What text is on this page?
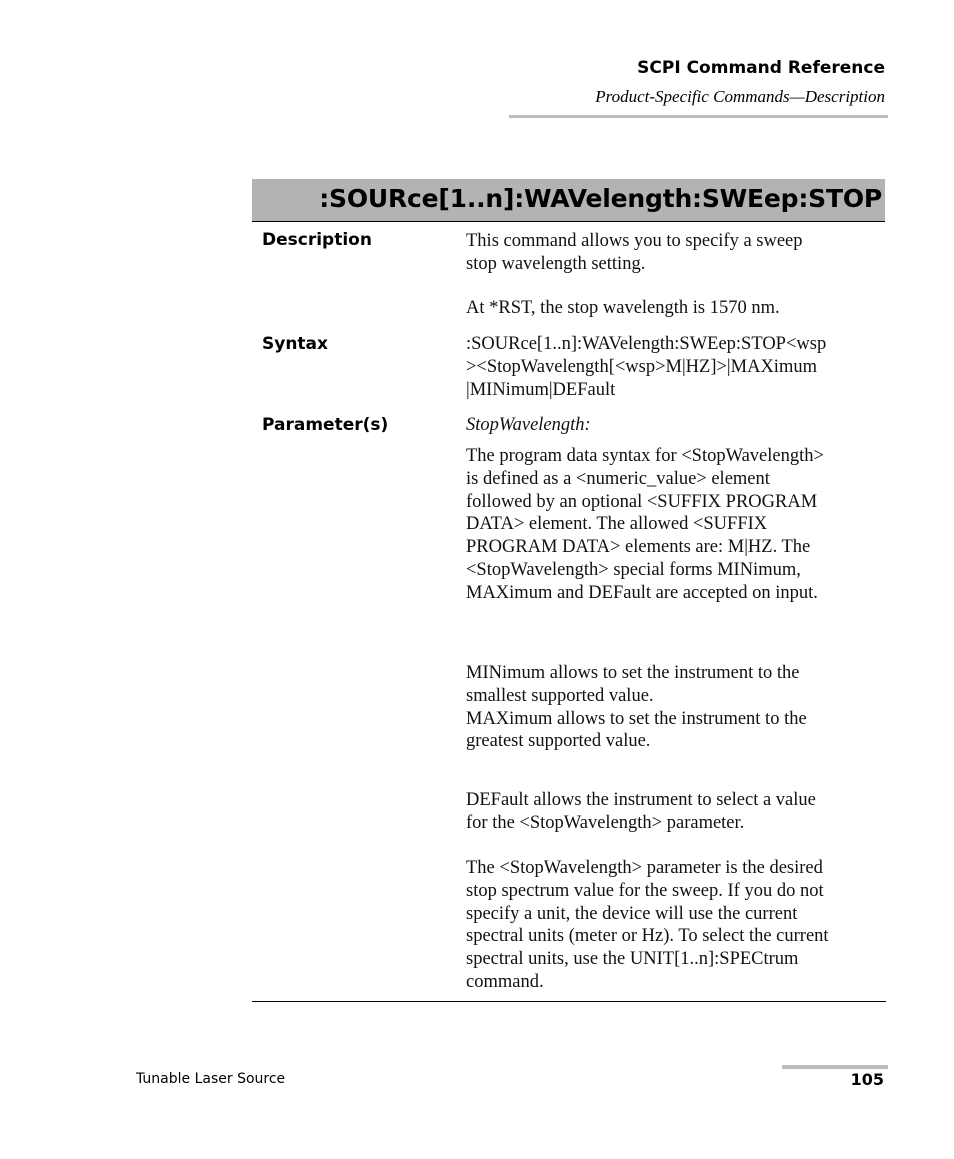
SCPI Command Reference
Product-Specific Commands—Description
:SOURce[1..n]:WAVelength:SWEep:STOP
Description	This command allows you to specify a sweep
stop wavelength setting.
At *RST, the stop wavelength is 1570 nm.
Syntax	:SOURce[1..n]:WAVelength:SWEep:STOP<wsp
><StopWavelength[<wsp>M|HZ]>|MAXimum
|MINimum|DEFault
Parameter(s)	StopWavelength:
The program data syntax for <StopWavelength>
is defined as a <numeric_value> element
followed by an optional <SUFFIX PROGRAM
DATA> element. The allowed <SUFFIX
PROGRAM DATA> elements are: M|HZ. The
<StopWavelength> special forms MINimum,
MAXimum and DEFault are accepted on input.
MINimum allows to set the instrument to the
smallest supported value.
MAXimum allows to set the instrument to the
greatest supported value.
DEFault allows the instrument to select a value
for the <StopWavelength> parameter.
The <StopWavelength> parameter is the desired
stop spectrum value for the sweep. If you do not
specify a unit, the device will use the current
spectral units (meter or Hz). To select the current
spectral units, use the UNIT[1..n]:SPECtrum
command.
Tunable Laser Source	105
